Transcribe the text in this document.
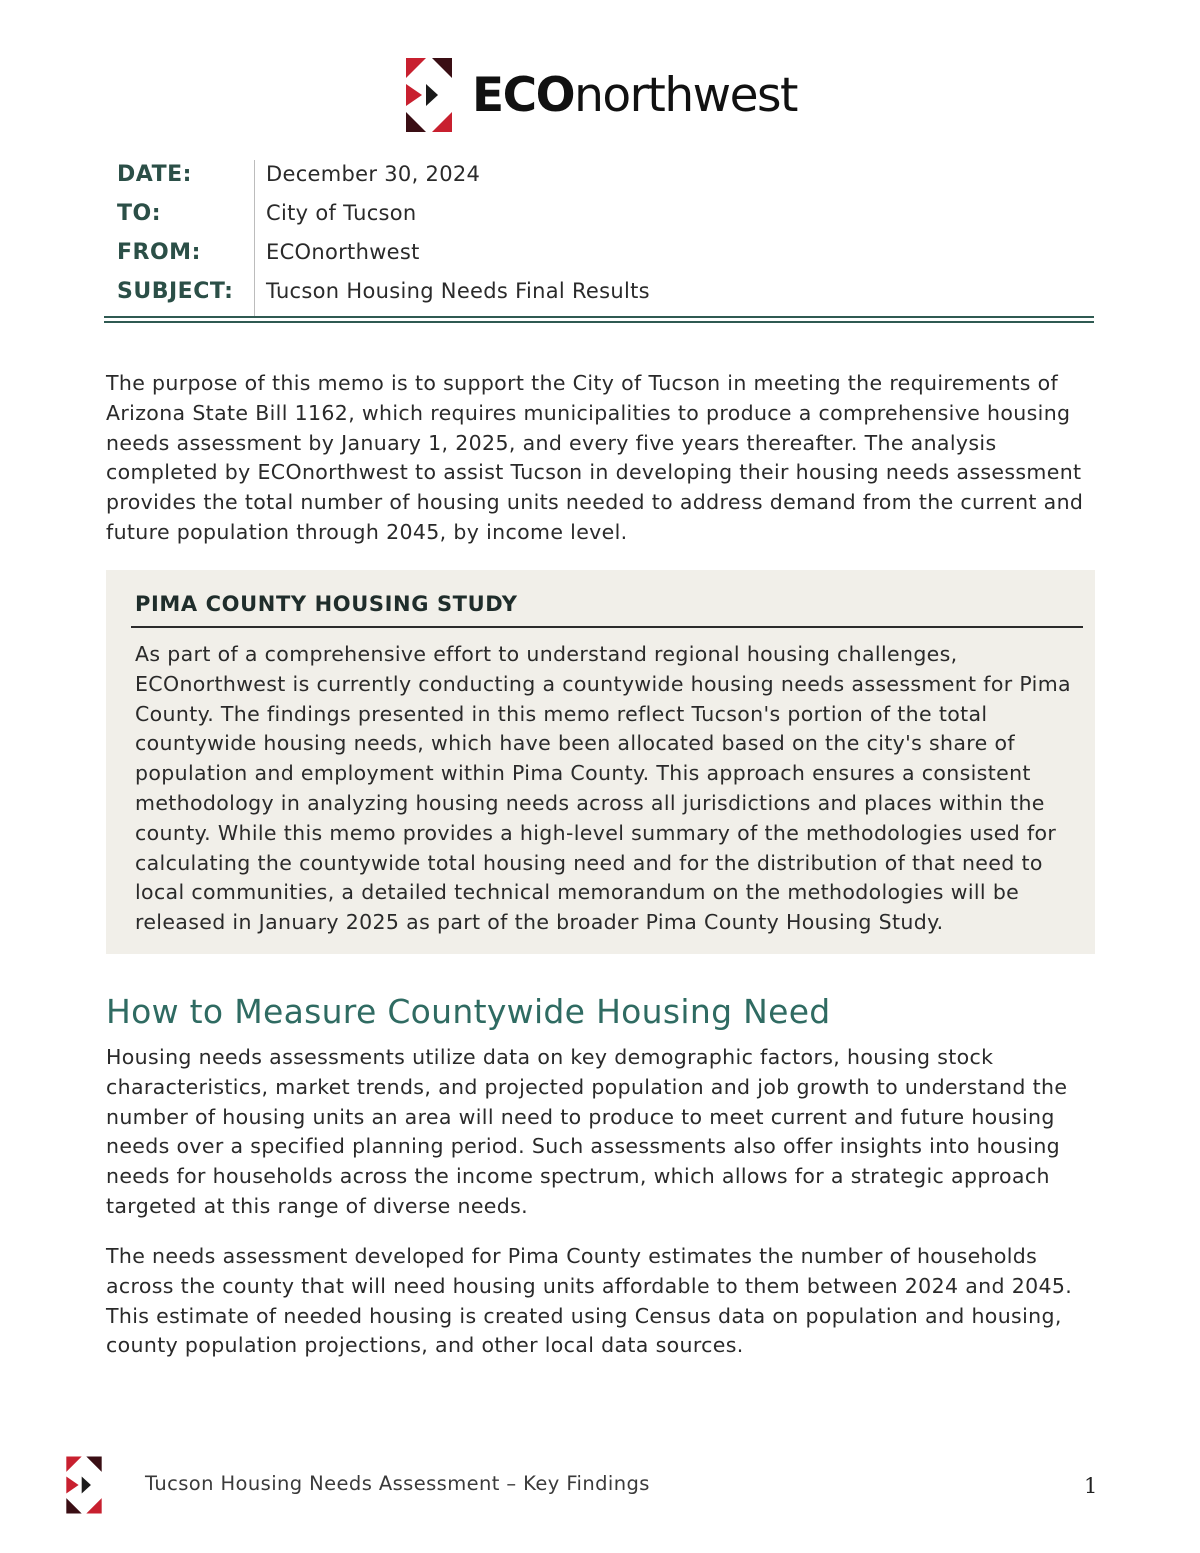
ECOnorthwest
DATE:	December 30, 2024
TO:	City of Tucson
FROM:	ECOnorthwest
SUBJECT: Tucson Housing Needs Final Results

The purpose of this memo is to support the City of Tucson in meeting the requirements of Arizona State Bill 1162, which requires municipalities to produce a comprehensive housing needs assessment by January 1, 2025, and every five years thereafter. The analysis completed by ECOnorthwest to assist Tucson in developing their housing needs assessment provides the total number of housing units needed to address demand from the current and future population through 2045, by income level.

PIMA COUNTY HOUSING STUDY

As part of a comprehensive effort to understand regional housing challenges, ECOnorthwest is currently conducting a countywide housing needs assessment for Pima County. The findings presented in this memo reflect Tucson's portion of the total countywide housing needs, which have been allocated based on the city's share of population and employment within Pima County. This approach ensures a consistent methodology in analyzing housing needs across all jurisdictions and places within the county. While this memo provides a high-level summary of the methodologies used for calculating the countywide total housing need and for the distribution of that need to local communities, a detailed technical memorandum on the methodologies will be released in January 2025 as part of the broader Pima County Housing Study.

How to Measure Countywide Housing Need

Housing needs assessments utilize data on key demographic factors, housing stock characteristics, market trends, and projected population and job growth to understand the number of housing units an area will need to produce to meet current and future housing needs over a specified planning period. Such assessments also offer insights into housing needs for households across the income spectrum, which allows for a strategic approach targeted at this range of diverse needs.

The needs assessment developed for Pima County estimates the number of households across the county that will need housing units affordable to them between 2024 and 2045. This estimate of needed housing is created using Census data on population and housing, county population projections, and other local data sources.

Tucson Housing Needs Assessment – Key Findings	1
